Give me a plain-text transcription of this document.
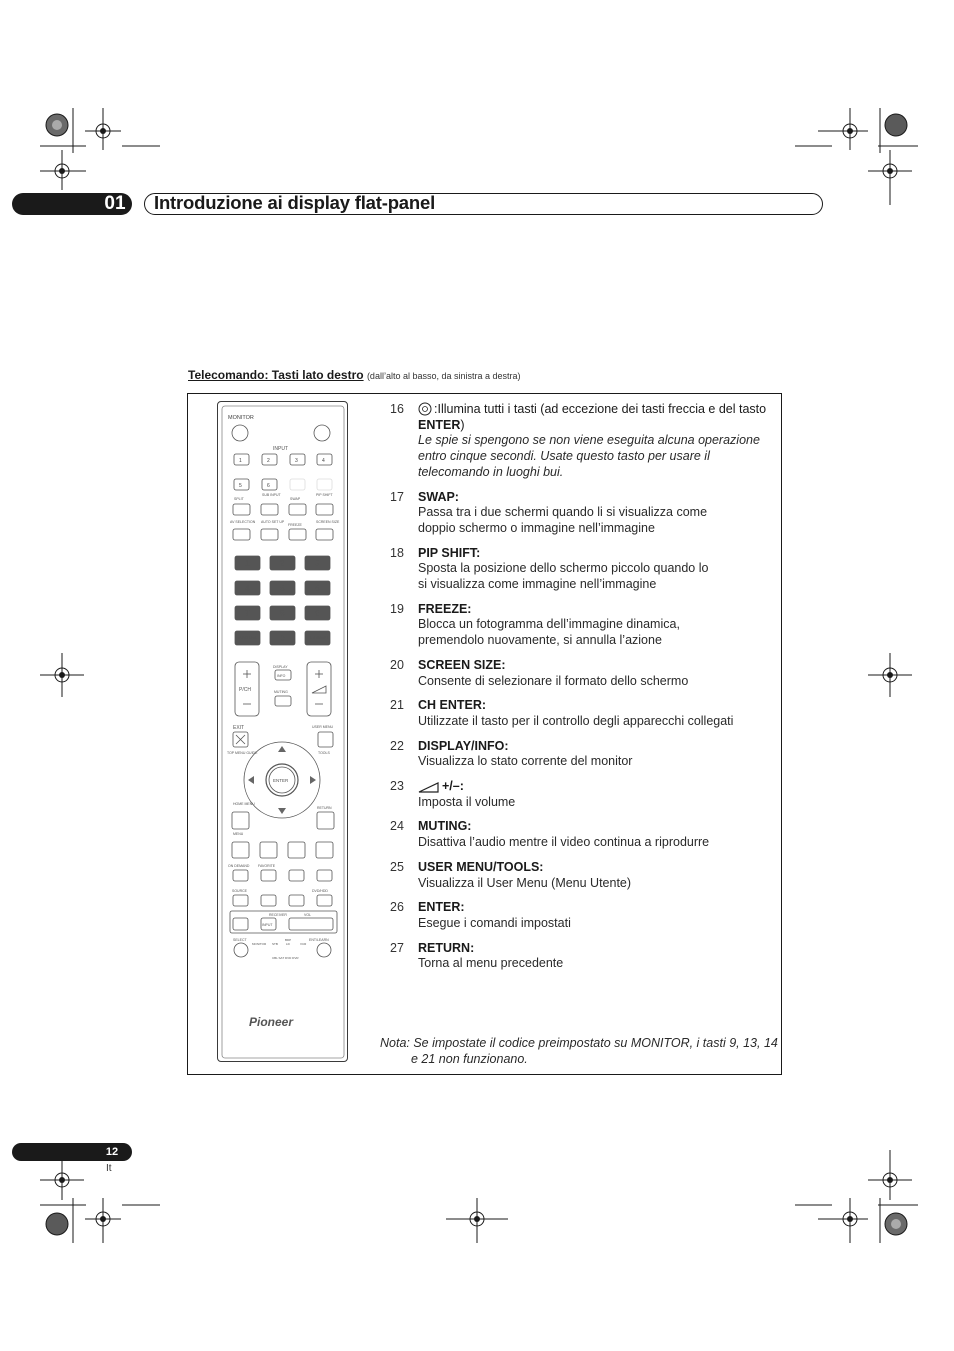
01 Introduzione ai display flat-panel
Telecomando: Tasti lato destro (dall’alto al basso, da sinistra a destra)
MONITOR
INPUT
1	2	3	4
5	6
SPLIT
SUB INPUT
SWAP
PIP SHIFT
AV SELECTION AUTO SET UP
FREEZE
SCREEN SIZE
1	2	3
4	5	6
7	8	9
0
KURO LINK	CH ENTER
P/CH
DISPLAY
INFO
MUTING
EXIT	USER MENU
TOP MENU GUIDE	TOOLS
ENTER
HOME MENU
RETURN
MENU
ON DEMAND FAVORITE
SOURCE	DVD/HDD
RECEIVER	VOL
INPUT
SELECT	ENT/LEARN
MONITOR STB
BDP
VCR
CBL SAT
LD
DVD DVR
Pioneer
16 :Illumina tutti i tasti (ad eccezione dei tasti freccia e del tasto ENTER)
Le spie si spengono se non viene eseguita alcuna operazione entro cinque secondi. Usate questo tasto per usare il telecomando in luoghi bui.
17 SWAP:
Passa tra i due schermi quando li si visualizza come doppio schermo o immagine nell’immagine
18 PIP SHIFT:
Sposta la posizione dello schermo piccolo quando lo si visualizza come immagine nell’immagine
19 FREEZE:
Blocca un fotogramma dell’immagine dinamica, premendolo nuovamente, si annulla l’azione
20 SCREEN SIZE:
Consente di selezionare il formato dello schermo
21 CH ENTER:
Utilizzate il tasto per il controllo degli apparecchi collegati
22 DISPLAY/INFO:
Visualizza lo stato corrente del monitor
23	+/–:
Imposta il volume
24 MUTING:
Disattiva l’audio mentre il video continua a riprodurre
25 USER MENU/TOOLS:
Visualizza il User Menu (Menu Utente)
26 ENTER:
Esegue i comandi impostati
27 RETURN:
Torna al menu precedente
Nota: Se impostate il codice preimpostato su MONITOR, i tasti 9, 13, 14
e 21 non funzionano.
12
It
